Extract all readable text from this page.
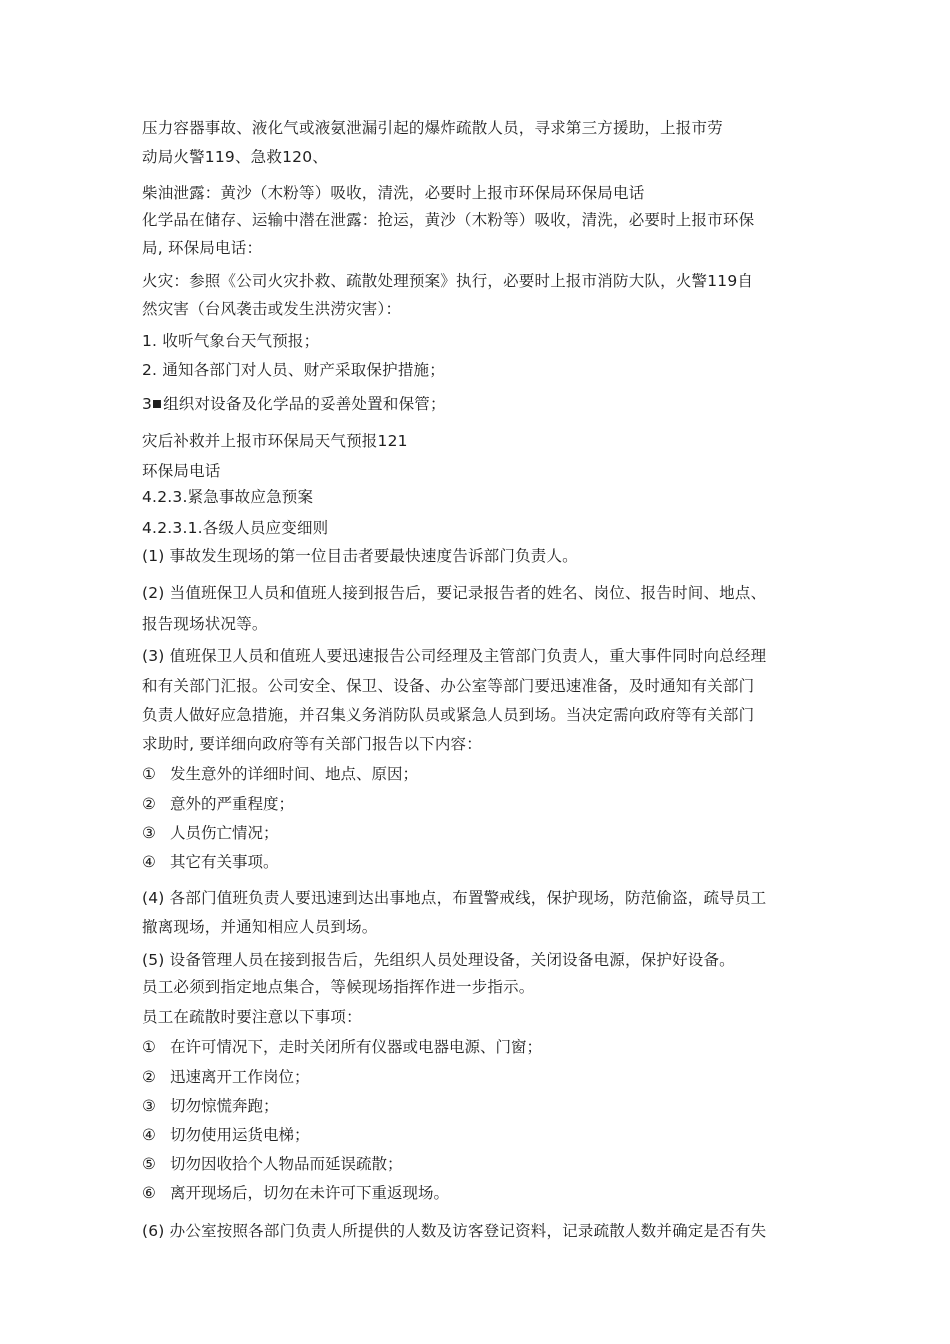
压力容器事故、液化气或液氨泄漏引起的爆炸疏散人员，寻求第三方援助，上报市劳
动局火警119、急救120、
柴油泄露：黄沙（木粉等）吸收，清洗，必要时上报市环保局环保局电话
化学品在储存、运输中潜在泄露：抢运，黄沙（木粉等）吸收，清洗，必要时上报市环保
局, 环保局电话：
火灾：参照《公司火灾扑救、疏散处理预案》执行，必要时上报市消防大队，火警119自
然灾害（台风袭击或发生洪涝灾害）：
1. 收听气象台天气预报；
2. 通知各部门对人员、财产采取保护措施；
3 组织对设备及化学品的妥善处置和保管；
灾后补救并上报市环保局天气预报121
环保局电话
4.2.3.紧急事故应急预案
4.2.3.1.各级人员应变细则
(1) 事故发生现场的第一位目击者要最快速度告诉部门负责人。
(2) 当值班保卫人员和值班人接到报告后，要记录报告者的姓名、岗位、报告时间、地点、
报告现场状况等。
(3) 值班保卫人员和值班人要迅速报告公司经理及主管部门负责人，重大事件同时向总经理
和有关部门汇报。公司安全、保卫、设备、办公室等部门要迅速准备，及时通知有关部门
负责人做好应急措施，并召集义务消防队员或紧急人员到场。当决定需向政府等有关部门
求助时, 要详细向政府等有关部门报告以下内容：
① 发生意外的详细时间、地点、原因；
② 意外的严重程度；
③ 人员伤亡情况；
④ 其它有关事项。
(4) 各部门值班负责人要迅速到达出事地点，布置警戒线，保护现场，防范偷盗，疏导员工
撤离现场，并通知相应人员到场。
(5) 设备管理人员在接到报告后，先组织人员处理设备，关闭设备电源，保护好设备。
员工必须到指定地点集合，等候现场指挥作进一步指示。
员工在疏散时要注意以下事项：
① 在许可情况下，走时关闭所有仪器或电器电源、门窗；
② 迅速离开工作岗位；
③ 切勿惊慌奔跑；
④ 切勿使用运货电梯；
⑤ 切勿因收拾个人物品而延误疏散；
⑥ 离开现场后，切勿在未许可下重返现场。
(6) 办公室按照各部门负责人所提供的人数及访客登记资料，记录疏散人数并确定是否有失
